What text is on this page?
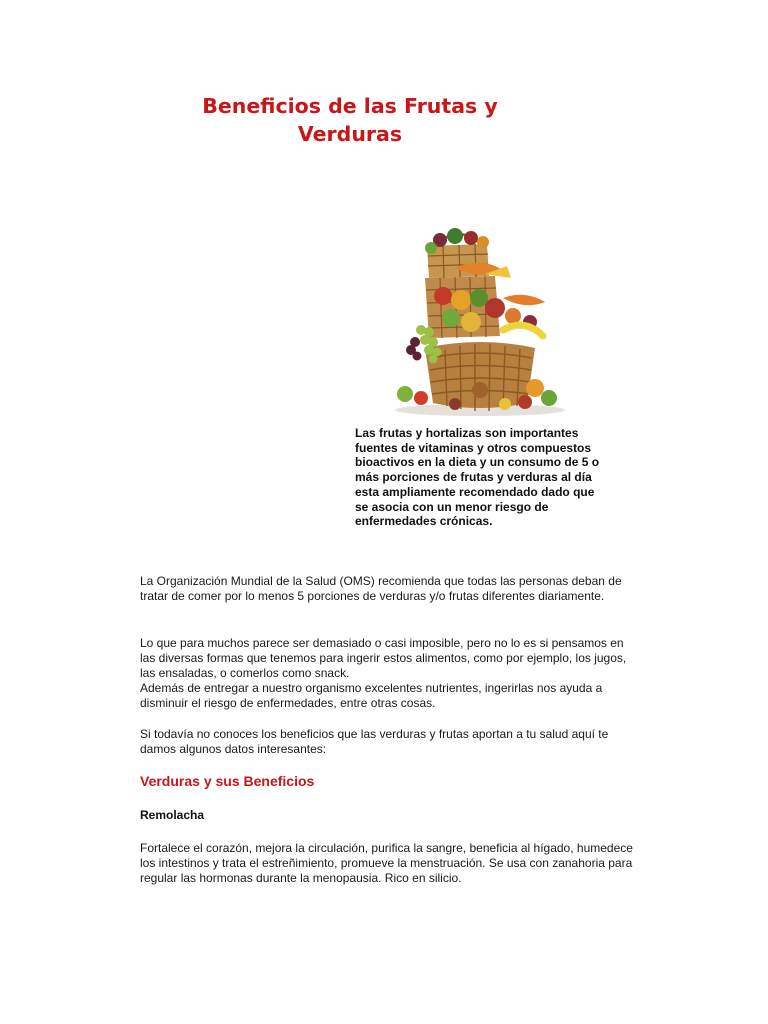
Beneficios de las Frutas y
Verduras

Las frutas y hortalizas son importantes fuentes de vitaminas y otros compuestos bioactivos en la dieta y un consumo de 5 o más porciones de frutas y verduras al día esta ampliamente recomendado dado que se asocia con un menor riesgo de enfermedades crónicas.

La Organización Mundial de la Salud (OMS) recomienda que todas las personas deban de tratar de comer por lo menos 5 porciones de verduras y/o frutas diferentes diariamente.

Lo que para muchos parece ser demasiado o casi imposible, pero no lo es si pensamos en las diversas formas que tenemos para ingerir estos alimentos, como por ejemplo, los jugos, las ensaladas, o comerlos como snack.
Además de entregar a nuestro organismo excelentes nutrientes, ingerirlas nos ayuda a disminuir el riesgo de enfermedades, entre otras cosas.

Si todavía no conoces los beneficios que las verduras y frutas aportan a tu salud aquí te damos algunos datos interesantes:

Verduras y sus Beneficios
Remolacha

Fortalece el corazón, mejora la circulación, purifica la sangre, beneficia al hígado, humedece los intestinos y trata el estreñimiento, promueve la menstruación. Se usa con zanahoria para regular las hormonas durante la menopausia. Rico en silicio.
